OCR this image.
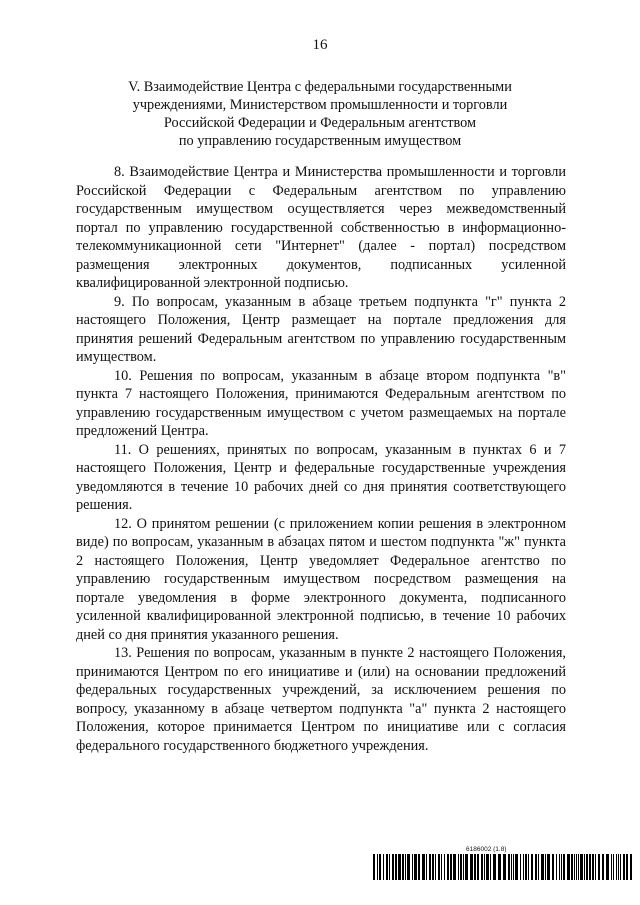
16
V. Взаимодействие Центра с федеральными государственными
учреждениями, Министерством промышленности и торговли
Российской Федерации и Федеральным агентством
по управлению государственным имуществом

8. Взаимодействие Центра и Министерства промышленности и торговли Российской Федерации с Федеральным агентством по управлению государственным имуществом осуществляется через межведомственный портал по управлению государственной собственностью в информационно-телекоммуникационной сети "Интернет" (далее - портал) посредством размещения электронных документов, подписанных усиленной квалифицированной электронной подписью.

9. По вопросам, указанным в абзаце третьем подпункта "г" пункта 2 настоящего Положения, Центр размещает на портале предложения для принятия решений Федеральным агентством по управлению государственным имуществом.

10. Решения по вопросам, указанным в абзаце втором подпункта "в" пункта 7 настоящего Положения, принимаются Федеральным агентством по управлению государственным имуществом с учетом размещаемых на портале предложений Центра.

11. О решениях, принятых по вопросам, указанным в пунктах 6 и 7 настоящего Положения, Центр и федеральные государственные учреждения уведомляются в течение 10 рабочих дней со дня принятия соответствующего решения.

12. О принятом решении (с приложением копии решения в электронном виде) по вопросам, указанным в абзацах пятом и шестом подпункта "ж" пункта 2 настоящего Положения, Центр уведомляет Федеральное агентство по управлению государственным имуществом посредством размещения на портале уведомления в форме электронного документа, подписанного усиленной квалифицированной электронной подписью, в течение 10 рабочих дней со дня принятия указанного решения.

13. Решения по вопросам, указанным в пункте 2 настоящего Положения, принимаются Центром по его инициативе и (или) на основании предложений федеральных государственных учреждений, за исключением решения по вопросу, указанному в абзаце четвертом подпункта "а" пункта 2 настоящего Положения, которое принимается Центром по инициативе или с согласия федерального государственного бюджетного учреждения.

6186002 (1.8)
